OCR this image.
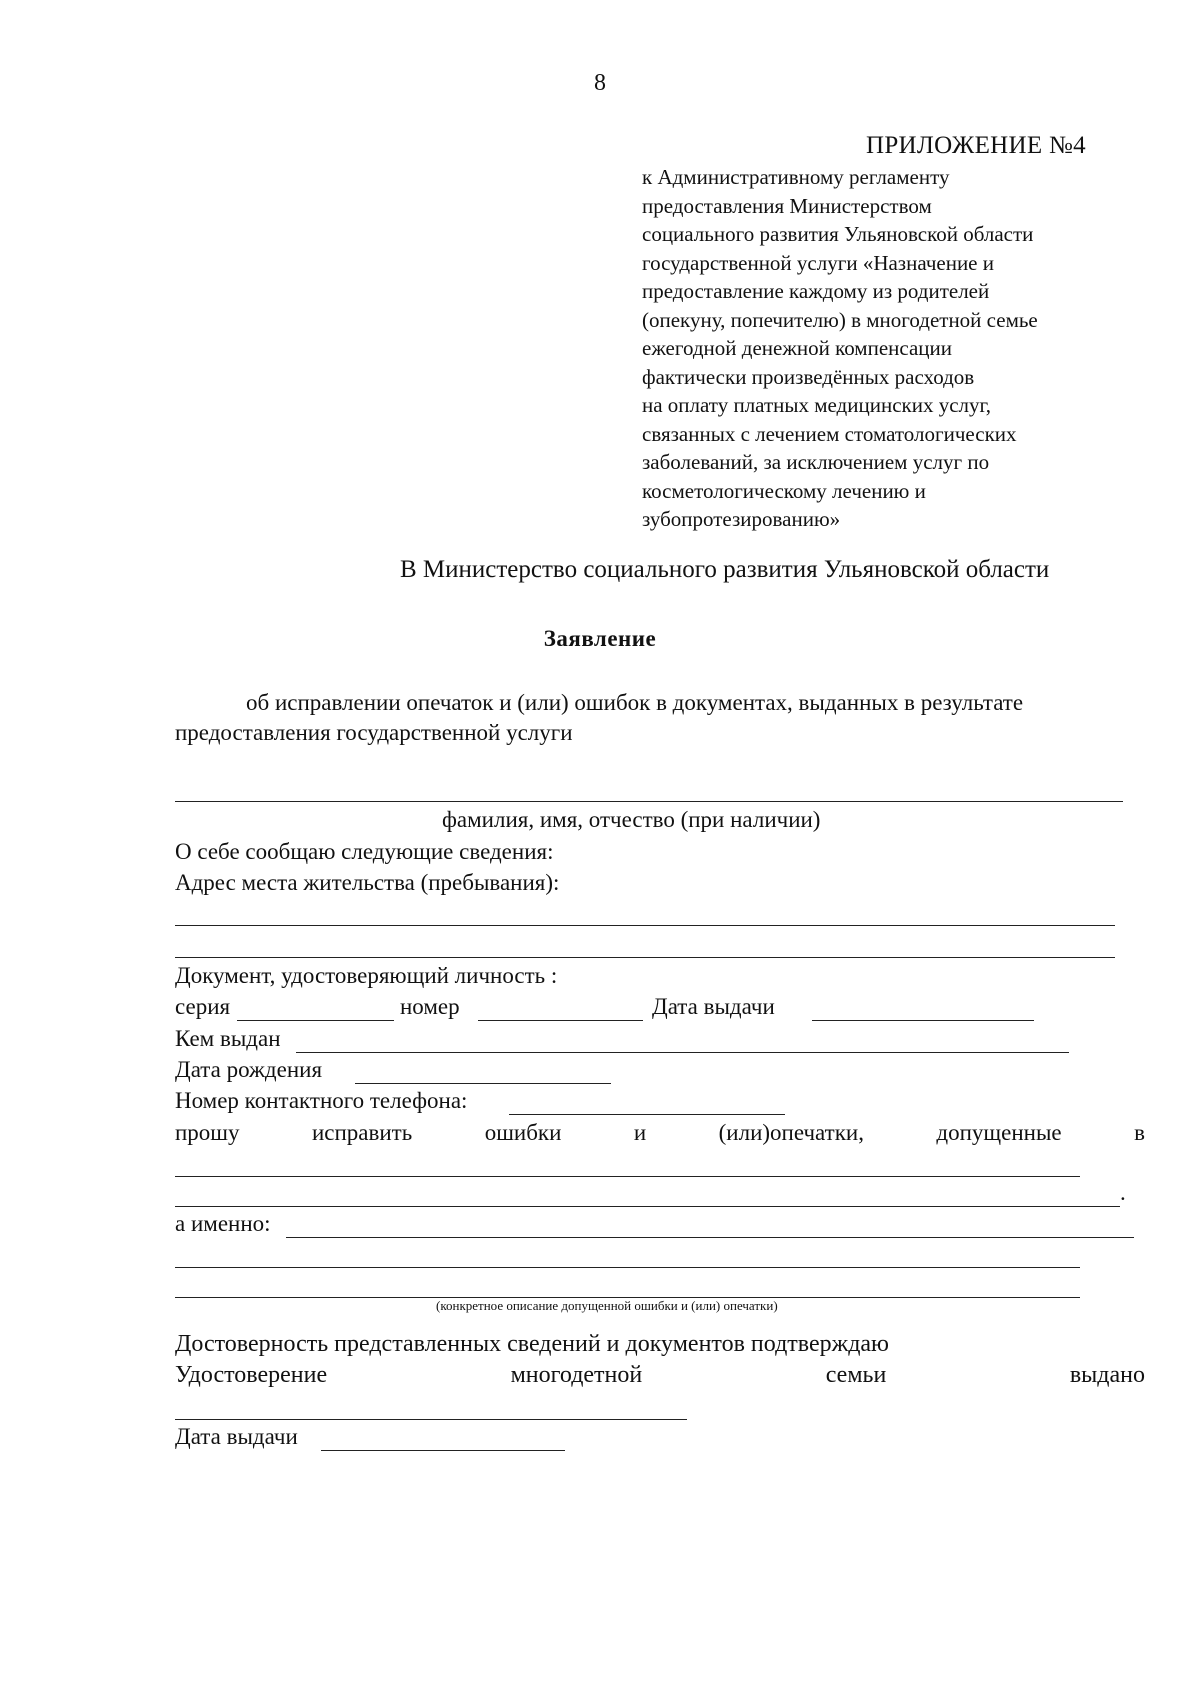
8
ПРИЛОЖЕНИЕ №4
к Административному регламенту
предоставления Министерством
социального развития Ульяновской области
государственной услуги «Назначение и
предоставление каждому из родителей
(опекуну, попечителю) в многодетной семье
ежегодной денежной компенсации
фактически произведённых расходов
на оплату платных медицинских услуг,
связанных с лечением стоматологических
заболеваний, за исключением услуг по
косметологическому лечению и
зубопротезированию»
В Министерство социального развития Ульяновской области
Заявление
об исправлении опечаток и (или) ошибок в документах, выданных в результате
предоставления государственной услуги
фамилия, имя, отчество (при наличии)
О себе сообщаю следующие сведения:
Адрес места жительства (пребывания):
Документ, удостоверяющий личность :
серия	номер	Дата выдачи
Кем выдан
Дата рождения
Номер контактного телефона:
прошу	исправить	ошибки	и	(или)опечатки,	допущенные	в
.
а именно:
(конкретное описание допущенной ошибки и (или) опечатки)
Достоверность представленных сведений и документов подтверждаю
Удостоверение	многодетной	семьи	выдано
Дата выдачи
